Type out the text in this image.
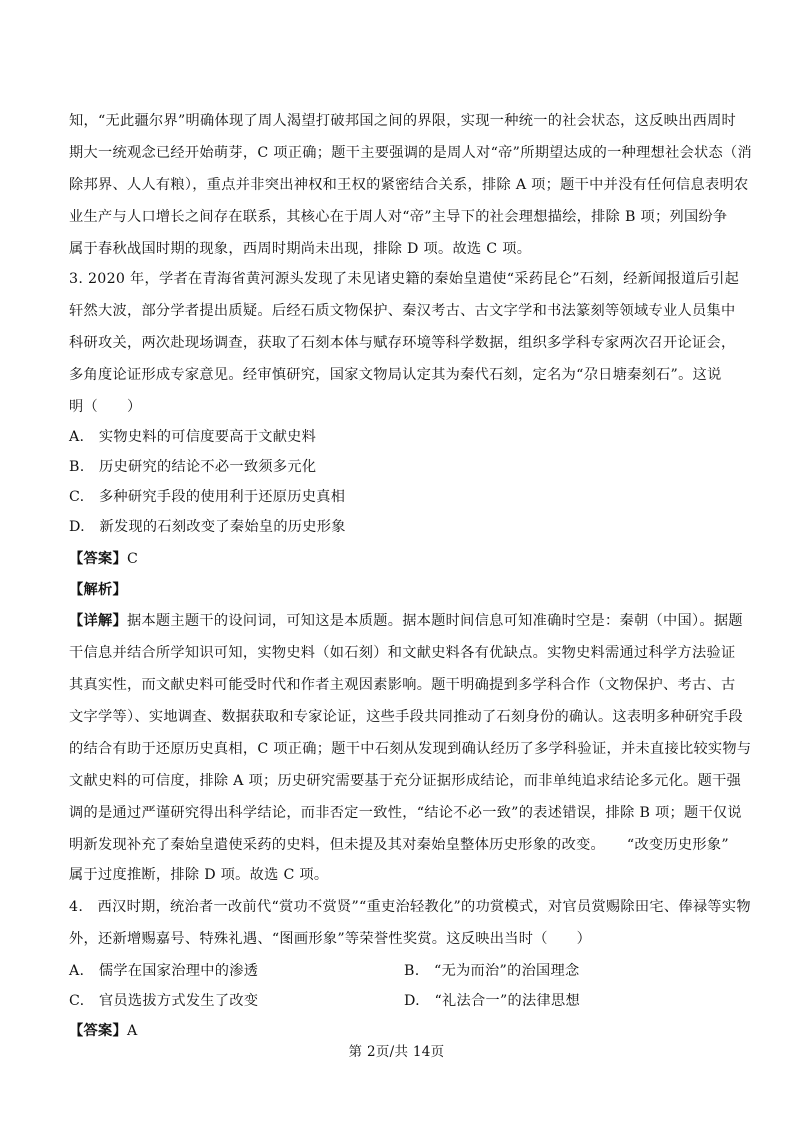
知，“无此疆尔界”明确体现了周人渴望打破邦国之间的界限，实现一种统一的社会状态，这反映出西周时
期大一统观念已经开始萌芽，C 项正确；题干主要强调的是周人对“帝”所期望达成的一种理想社会状态（消
除邦界、人人有粮），重点并非突出神权和王权的紧密结合关系，排除 A 项；题干中并没有任何信息表明农
业生产与人口增长之间存在联系，其核心在于周人对“帝”主导下的社会理想描绘，排除 B 项；列国纷争
属于春秋战国时期的现象，西周时期尚未出现，排除 D 项。故选 C 项。
3. 2020 年，学者在青海省黄河源头发现了未见诸史籍的秦始皇遣使“采药昆仑”石刻，经新闻报道后引起
轩然大波，部分学者提出质疑。后经石质文物保护、秦汉考古、古文字学和书法篆刻等领域专业人员集中
科研攻关，两次赴现场调查，获取了石刻本体与赋存环境等科学数据，组织多学科专家两次召开论证会，
多角度论证形成专家意见。经审慎研究，国家文物局认定其为秦代石刻，定名为“尕日塘秦刻石”。这说
明（　　）
A.　实物史料的可信度要高于文献史料
B.　历史研究的结论不必一致须多元化
C.　多种研究手段的使用利于还原历史真相
D.　新发现的石刻改变了秦始皇的历史形象
【答案】C
【解析】
【详解】据本题主题干的设问词，可知这是本质题。据本题时间信息可知准确时空是：秦朝（中国）。据题
干信息并结合所学知识可知，实物史料（如石刻）和文献史料各有优缺点。实物史料需通过科学方法验证
其真实性，而文献史料可能受时代和作者主观因素影响。题干明确提到多学科合作（文物保护、考古、古
文字学等）、实地调查、数据获取和专家论证，这些手段共同推动了石刻身份的确认。这表明多种研究手段
的结合有助于还原历史真相，C 项正确；题干中石刻从发现到确认经历了多学科验证，并未直接比较实物与
文献史料的可信度，排除 A 项；历史研究需要基于充分证据形成结论，而非单纯追求结论多元化。题干强
调的是通过严谨研究得出科学结论，而非否定一致性，“结论不必一致”的表述错误，排除 B 项；题干仅说
明新发现补充了秦始皇遣使采药的史料，但未提及其对秦始皇整体历史形象的改变。　　“改变历史形象”
属于过度推断，排除 D 项。故选 C 项。
4.　西汉时期，统治者一改前代“赏功不赏贤”“重吏治轻教化”的功赏模式，对官员赏赐除田宅、俸禄等实物
外，还新增赐嘉号、特殊礼遇、“图画形象”等荣誉性奖赏。这反映出当时（　　）
A.　儒学在国家治理中的渗透	B.　“无为而治”的治国理念
C.　官员选拔方式发生了改变	D.　“礼法合一”的法律思想
【答案】A
第 2页/共 14页
